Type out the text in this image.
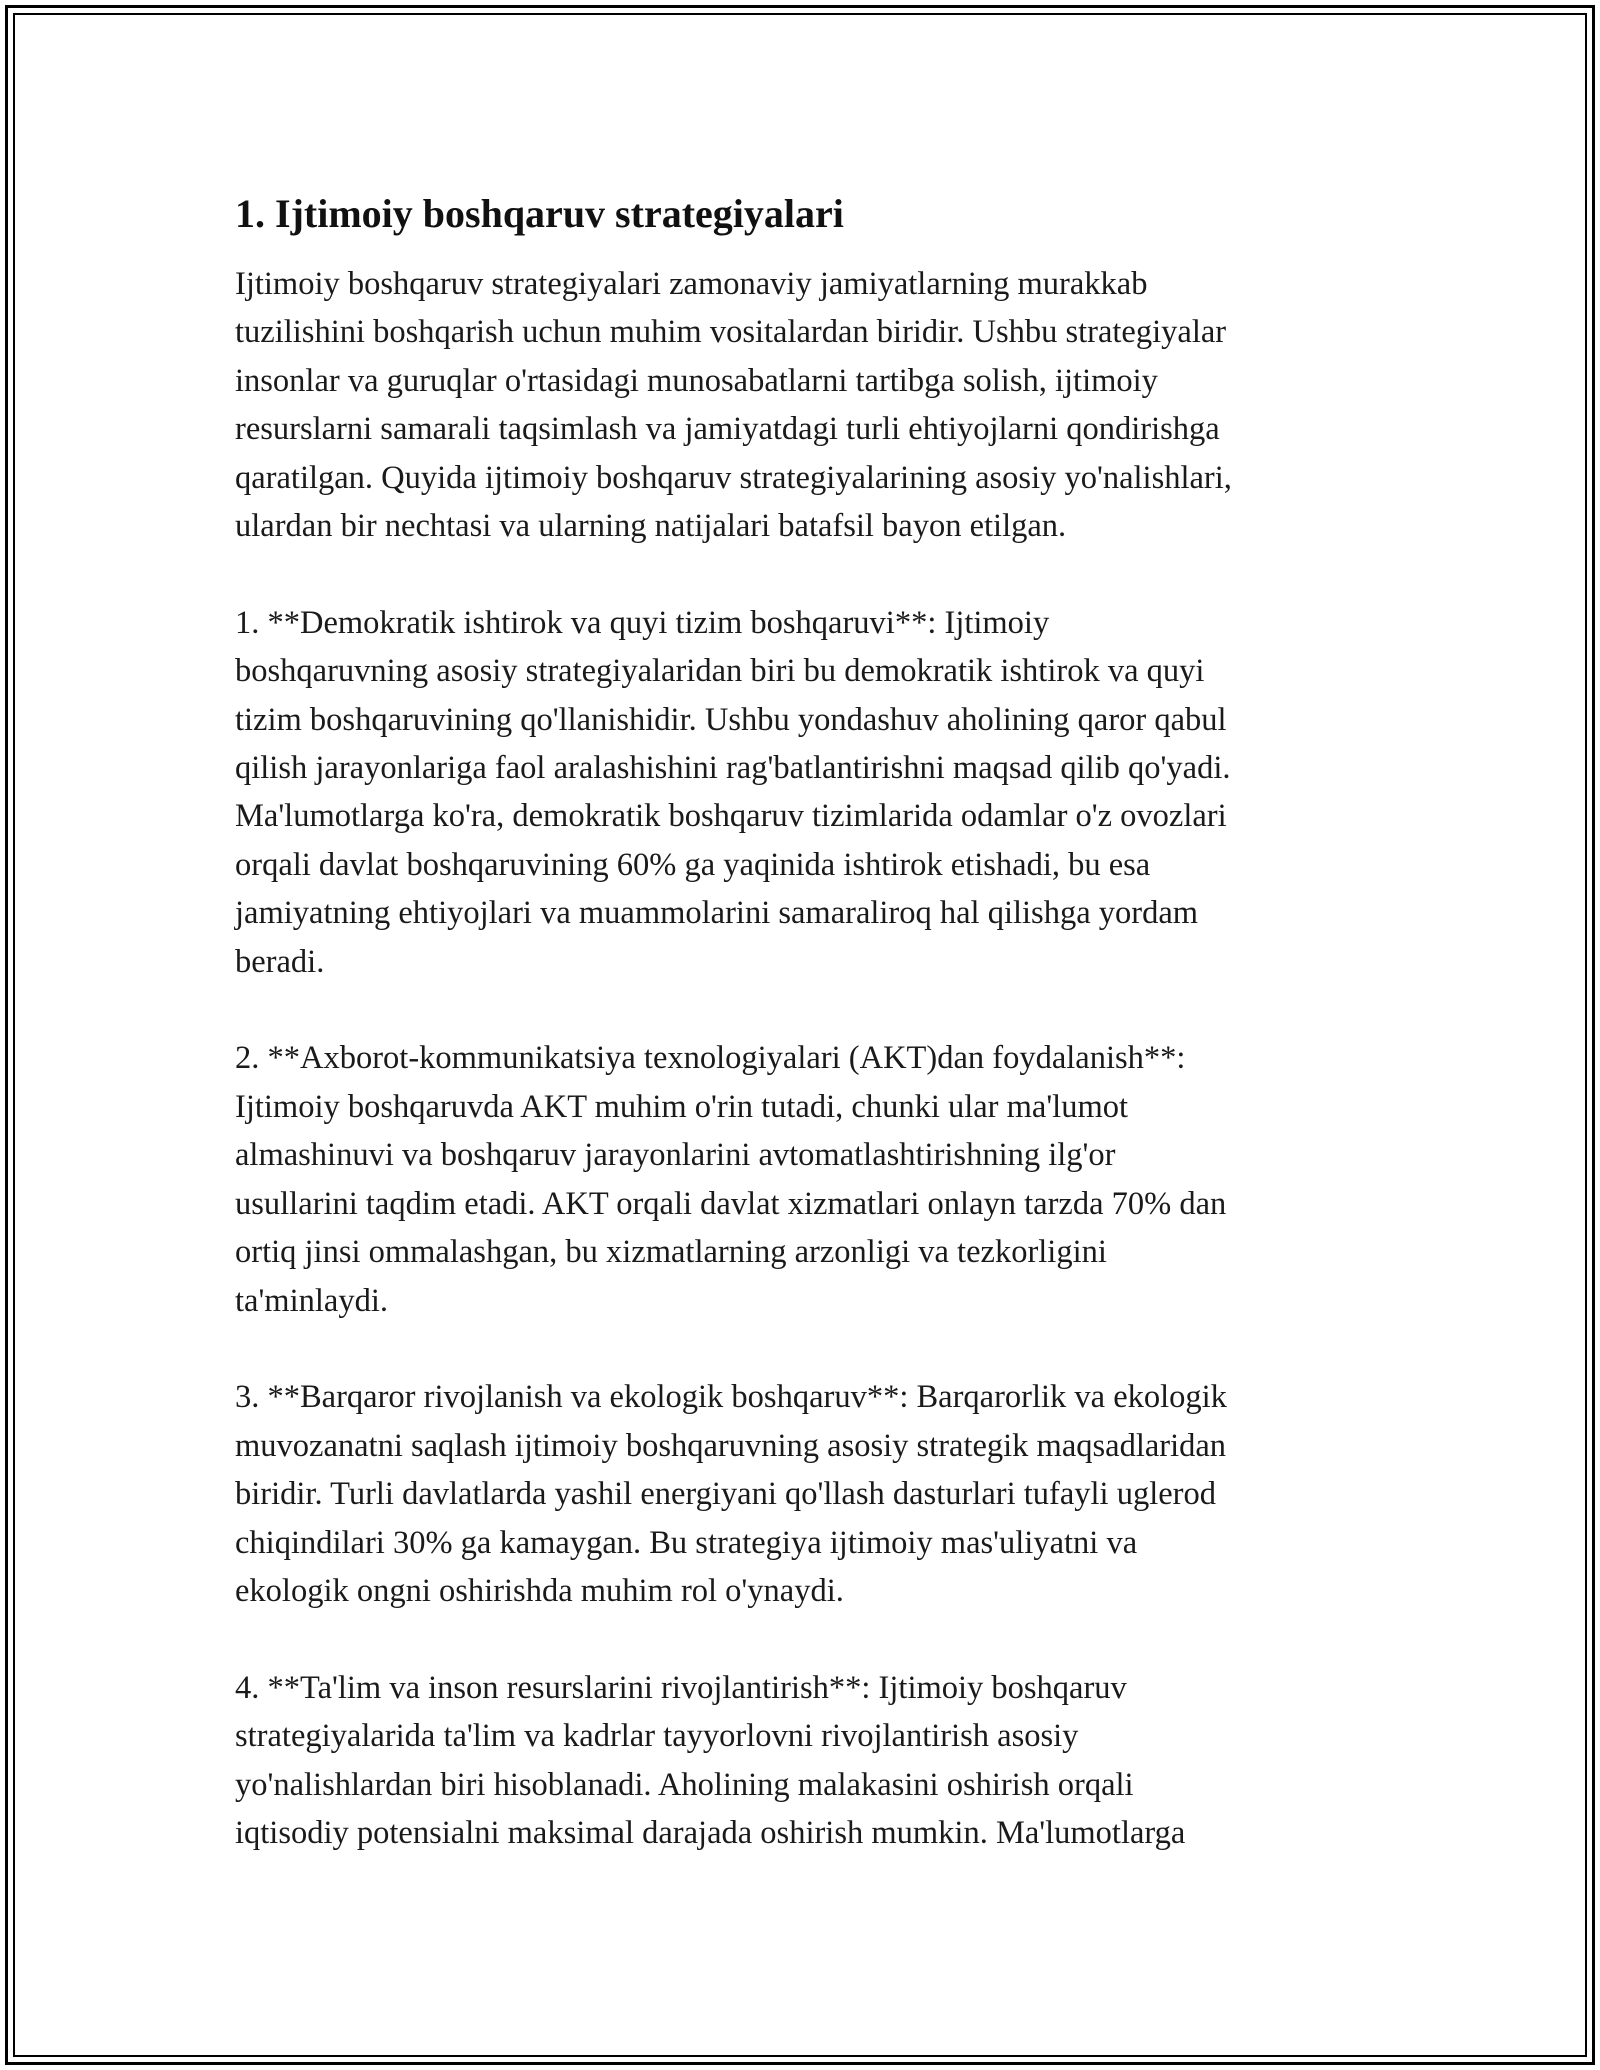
1. Ijtimoiy boshqaruv strategiyalari

Ijtimoiy boshqaruv strategiyalari zamonaviy jamiyatlarning murakkab
tuzilishini boshqarish uchun muhim vositalardan biridir. Ushbu strategiyalar
insonlar va guruqlar o'rtasidagi munosabatlarni tartibga solish, ijtimoiy
resurslarni samarali taqsimlash va jamiyatdagi turli ehtiyojlarni qondirishga
qaratilgan. Quyida ijtimoiy boshqaruv strategiyalarining asosiy yo'nalishlari,
ulardan bir nechtasi va ularning natijalari batafsil bayon etilgan.

1. **Demokratik ishtirok va quyi tizim boshqaruvi**: Ijtimoiy
boshqaruvning asosiy strategiyalaridan biri bu demokratik ishtirok va quyi
tizim boshqaruvining qo'llanishidir. Ushbu yondashuv aholining qaror qabul
qilish jarayonlariga faol aralashishini rag'batlantirishni maqsad qilib qo'yadi.
Ma'lumotlarga ko'ra, demokratik boshqaruv tizimlarida odamlar o'z ovozlari
orqali davlat boshqaruvining 60% ga yaqinida ishtirok etishadi, bu esa
jamiyatning ehtiyojlari va muammolarini samaraliroq hal qilishga yordam
beradi.

2. **Axborot-kommunikatsiya texnologiyalari (AKT)dan foydalanish**:
Ijtimoiy boshqaruvda AKT muhim o'rin tutadi, chunki ular ma'lumot
almashinuvi va boshqaruv jarayonlarini avtomatlashtirishning ilg'or
usullarini taqdim etadi. AKT orqali davlat xizmatlari onlayn tarzda 70% dan
ortiq jinsi ommalashgan, bu xizmatlarning arzonligi va tezkorligini
ta'minlaydi.

3. **Barqaror rivojlanish va ekologik boshqaruv**: Barqarorlik va ekologik
muvozanatni saqlash ijtimoiy boshqaruvning asosiy strategik maqsadlaridan
biridir. Turli davlatlarda yashil energiyani qo'llash dasturlari tufayli uglerod
chiqindilari 30% ga kamaygan. Bu strategiya ijtimoiy mas'uliyatni va
ekologik ongni oshirishda muhim rol o'ynaydi.

4. **Ta'lim va inson resurslarini rivojlantirish**: Ijtimoiy boshqaruv
strategiyalarida ta'lim va kadrlar tayyorlovni rivojlantirish asosiy
yo'nalishlardan biri hisoblanadi. Aholining malakasini oshirish orqali
iqtisodiy potensialni maksimal darajada oshirish mumkin. Ma'lumotlarga
